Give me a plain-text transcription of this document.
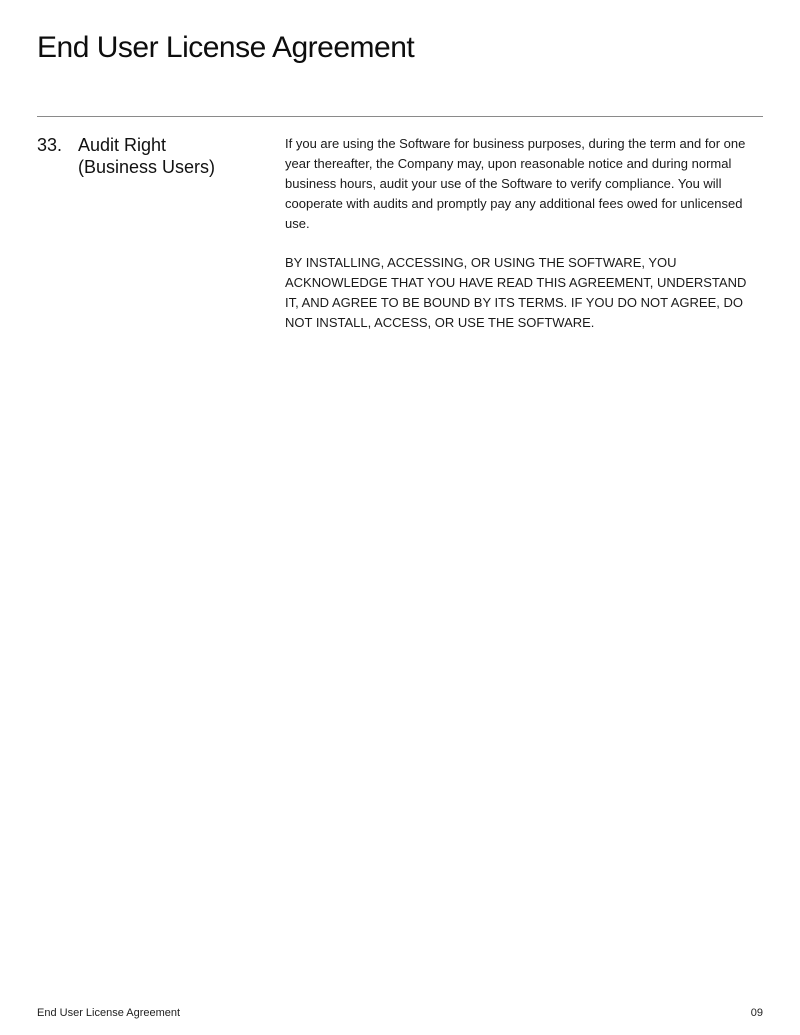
End User License Agreement
33. Audit Right
(Business Users)

If you are using the Software for business purposes, during the term and for one year thereafter, the Company may, upon reasonable notice and during normal business hours, audit your use of the Software to verify compliance. You will cooperate with audits and promptly pay any additional fees owed for unlicensed use.

BY INSTALLING, ACCESSING, OR USING THE SOFTWARE, YOU ACKNOWLEDGE THAT YOU HAVE READ THIS AGREEMENT, UNDERSTAND IT, AND AGREE TO BE BOUND BY ITS TERMS. IF YOU DO NOT AGREE, DO NOT INSTALL, ACCESS, OR USE THE SOFTWARE.

End User License Agreement	09
